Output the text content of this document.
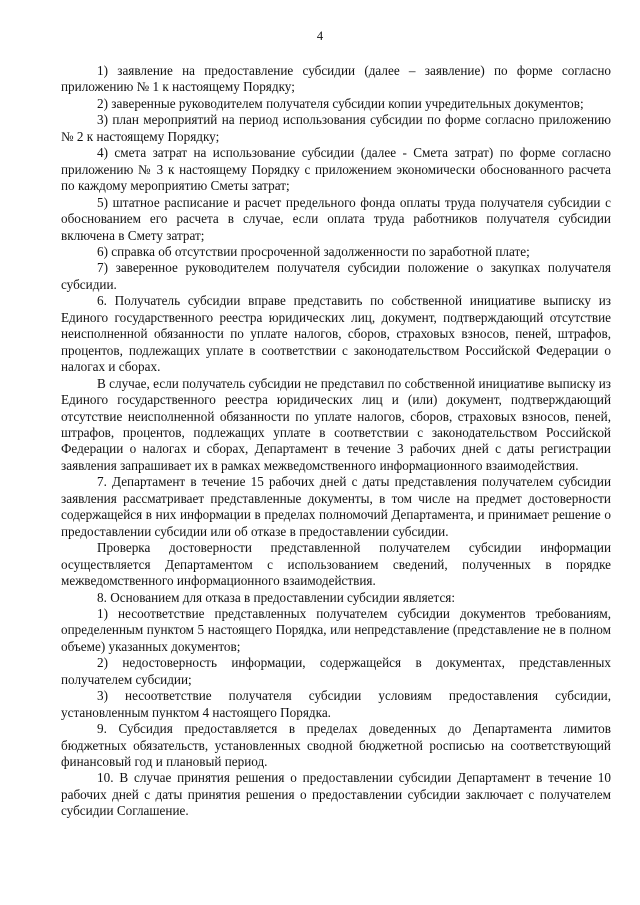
4

1) заявление на предоставление субсидии (далее – заявление) по форме согласно приложению № 1 к настоящему Порядку;

2) заверенные руководителем получателя субсидии копии учредительных документов;

3) план мероприятий на период использования субсидии по форме согласно приложению № 2 к настоящему Порядку;

4) смета затрат на использование субсидии (далее - Смета затрат) по форме согласно приложению № 3 к настоящему Порядку с приложением экономически обоснованного расчета по каждому мероприятию Сметы затрат;

5) штатное расписание и расчет предельного фонда оплаты труда получателя субсидии с обоснованием его расчета в случае, если оплата труда работников получателя субсидии включена в Смету затрат;

6) справка об отсутствии просроченной задолженности по заработной плате;

7) заверенное руководителем получателя субсидии положение о закупках получателя субсидии.

6. Получатель субсидии вправе представить по собственной инициативе выписку из Единого государственного реестра юридических лиц, документ, подтверждающий отсутствие неисполненной обязанности по уплате налогов, сборов, страховых взносов, пеней, штрафов, процентов, подлежащих уплате в соответствии с законодательством Российской Федерации о налогах и сборах.

В случае, если получатель субсидии не представил по собственной инициативе выписку из Единого государственного реестра юридических лиц и (или) документ, подтверждающий отсутствие неисполненной обязанности по уплате налогов, сборов, страховых взносов, пеней, штрафов, процентов, подлежащих уплате в соответствии с законодательством Российской Федерации о налогах и сборах, Департамент в течение 3 рабочих дней с даты регистрации заявления запрашивает их в рамках межведомственного информационного взаимодействия.

7. Департамент в течение 15 рабочих дней с даты представления получателем субсидии заявления рассматривает представленные документы, в том числе на предмет достоверности содержащейся в них информации в пределах полномочий Департамента, и принимает решение о предоставлении субсидии или об отказе в предоставлении субсидии.

Проверка достоверности представленной получателем субсидии информации осуществляется Департаментом с использованием сведений, полученных в порядке межведомственного информационного взаимодействия.

8. Основанием для отказа в предоставлении субсидии является:

1) несоответствие представленных получателем субсидии документов требованиям, определенным пунктом 5 настоящего Порядка, или непредставление (представление не в полном объеме) указанных документов;

2) недостоверность информации, содержащейся в документах, представленных получателем субсидии;

3) несоответствие получателя субсидии условиям предоставления субсидии, установленным пунктом 4 настоящего Порядка.

9. Субсидия предоставляется в пределах доведенных до Департамента лимитов бюджетных обязательств, установленных сводной бюджетной росписью на соответствующий финансовый год и плановый период.

10. В случае принятия решения о предоставлении субсидии Департамент в течение 10 рабочих дней с даты принятия решения о предоставлении субсидии заключает с получателем субсидии Соглашение.
